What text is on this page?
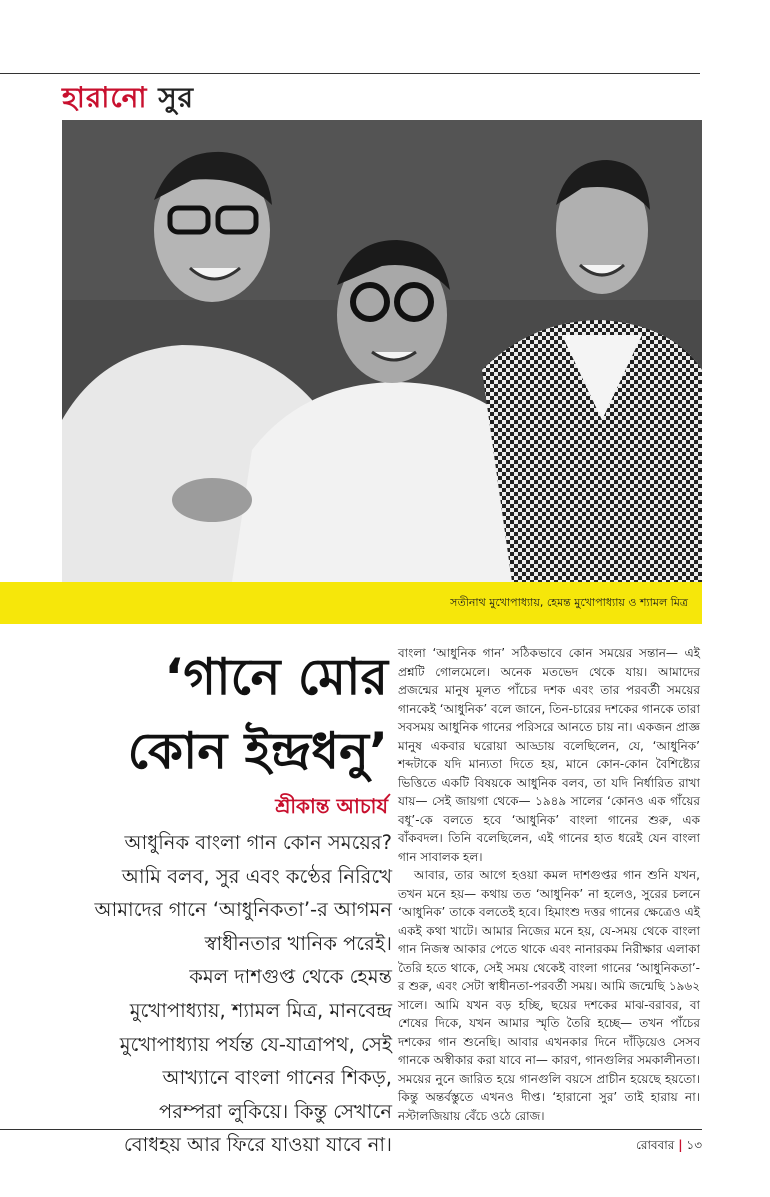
হারানো সুর
সতীনাথ মুখোপাধ্যায়, হেমন্ত মুখোপাধ্যায় ও শ্যামল মিত্র
‘গানে মোর
কোন ইন্দ্রধনু’
শ্রীকান্ত আচার্য
আধুনিক বাংলা গান কোন সময়ের?
আমি বলব, সুর এবং কণ্ঠের নিরিখে
আমাদের গানে ‘আধুনিকতা’-র আগমন
স্বাধীনতার খানিক পরেই।
কমল দাশগুপ্ত থেকে হেমন্ত
মুখোপাধ্যায়, শ্যামল মিত্র, মানবেন্দ্র
মুখোপাধ্যায় পর্যন্ত যে-যাত্রাপথ, সেই
আখ্যানে বাংলা গানের শিকড়,
পরম্পরা লুকিয়ে। কিন্তু সেখানে
বোধহয় আর ফিরে যাওয়া যাবে না।

বাংলা ‘আধুনিক গান’ সঠিকভাবে কোন সময়ের সন্তান— এই প্রশ্নটি গোলমেলে। অনেক মতভেদ থেকে যায়। আমাদের প্রজন্মের মানুষ মূলত পাঁচের দশক এবং তার পরবর্তী সময়ের গানকেই ‘আধুনিক’ বলে জানে, তিন-চারের দশকের গানকে তারা সবসময় আধুনিক গানের পরিসরে আনতে চায় না। একজন প্রাজ্ঞ মানুষ একবার ঘরোয়া আড্ডায় বলেছিলেন, যে, ‘আধুনিক’ শব্দটাকে যদি মান্যতা দিতে হয়, মানে কোন-কোন বৈশিষ্ট্যের ভিত্তিতে একটি বিষয়কে আধুনিক বলব, তা যদি নির্ধারিত রাখা যায়— সেই জায়গা থেকে— ১৯৪৯ সালের ‘কোনও এক গাঁয়ের বধূ’-কে বলতে হবে ‘আধুনিক’ বাংলা গানের শুরু, এক বাঁকবদল। তিনি বলেছিলেন, এই গানের হাত ধরেই যেন বাংলা গান সাবালক হল।

আবার, তার আগে হওয়া কমল দাশগুপ্তর গান শুনি যখন, তখন মনে হয়— কথায় তত ‘আধুনিক’ না হলেও, সুরের চলনে ‘আধুনিক’ তাকে বলতেই হবে। হিমাংশু দত্তর গানের ক্ষেত্রেও এই একই কথা খাটে। আমার নিজের মনে হয়, যে-সময় থেকে বাংলা গান নিজস্ব আকার পেতে থাকে এবং নানারকম নিরীক্ষার এলাকা তৈরি হতে থাকে, সেই সময় থেকেই বাংলা গানের ‘আধুনিকতা’-র শুরু, এবং সেটা স্বাধীনতা-পরবর্তী সময়। আমি জন্মেছি ১৯৬২ সালে। আমি যখন বড় হচ্ছি, ছয়ের দশকের মাঝ-বরাবর, বা শেষের দিকে, যখন আমার স্মৃতি তৈরি হচ্ছে— তখন পাঁচের দশকের গান শুনেছি। আবার এখনকার দিনে দাঁড়িয়েও সেসব গানকে অস্বীকার করা যাবে না— কারণ, গানগুলির সমকালীনতা। সময়ের নুনে জারিত হয়ে গানগুলি বয়সে প্রাচীন হয়েছে হয়তো। কিন্তু অন্তর্বস্তুতে এখনও দীপ্ত। ‘হারানো সুর’ তাই হারায় না। নস্টালজিয়ায় বেঁচে ওঠে রোজ।

রোববার | ১৩
